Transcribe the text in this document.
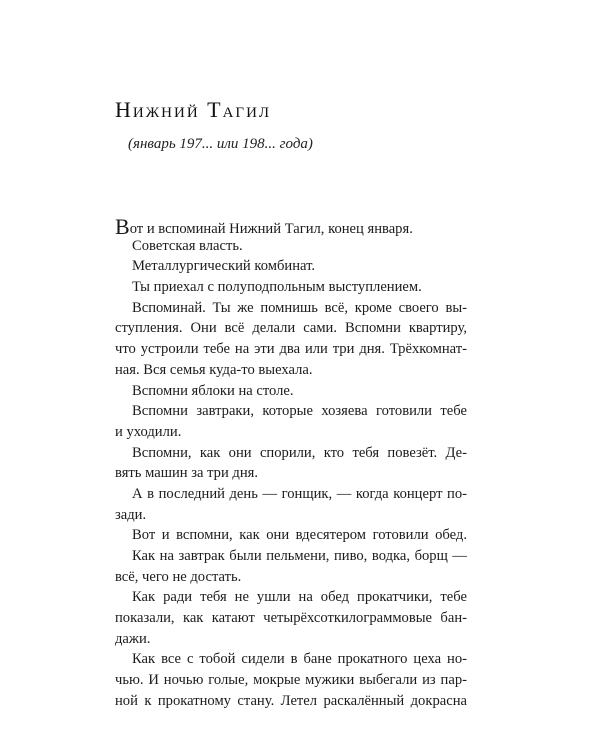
Нижний Тагил
(январь 197... или 198... года)
Вот и вспоминай Нижний Тагил, конец января.
Советская власть.
Металлургический комбинат.
Ты приехал с полуподпольным выступлением.
Вспоминай. Ты же помнишь всё, кроме своего вы-
ступления. Они всё делали сами. Вспомни квартиру,
что устроили тебе на эти два или три дня. Трёхкомнат-
ная. Вся семья куда-то выехала.
Вспомни яблоки на столе.
Вспомни завтраки, которые хозяева готовили тебе
и уходили.
Вспомни, как они спорили, кто тебя повезёт. Де-
вять машин за три дня.
А в последний день — гонщик, — когда концерт по-
зади.
Вот и вспомни, как они вдесятером готовили обед.
Как на завтрак были пельмени, пиво, водка, борщ —
всё, чего не достать.
Как ради тебя не ушли на обед прокатчики, тебе
показали, как катают четырёхсоткилограммовые бан-
дажи.
Как все с тобой сидели в бане прокатного цеха но-
чью. И ночью голые, мокрые мужики выбегали из пар-
ной к прокатному стану. Летел раскалённый докрасна
